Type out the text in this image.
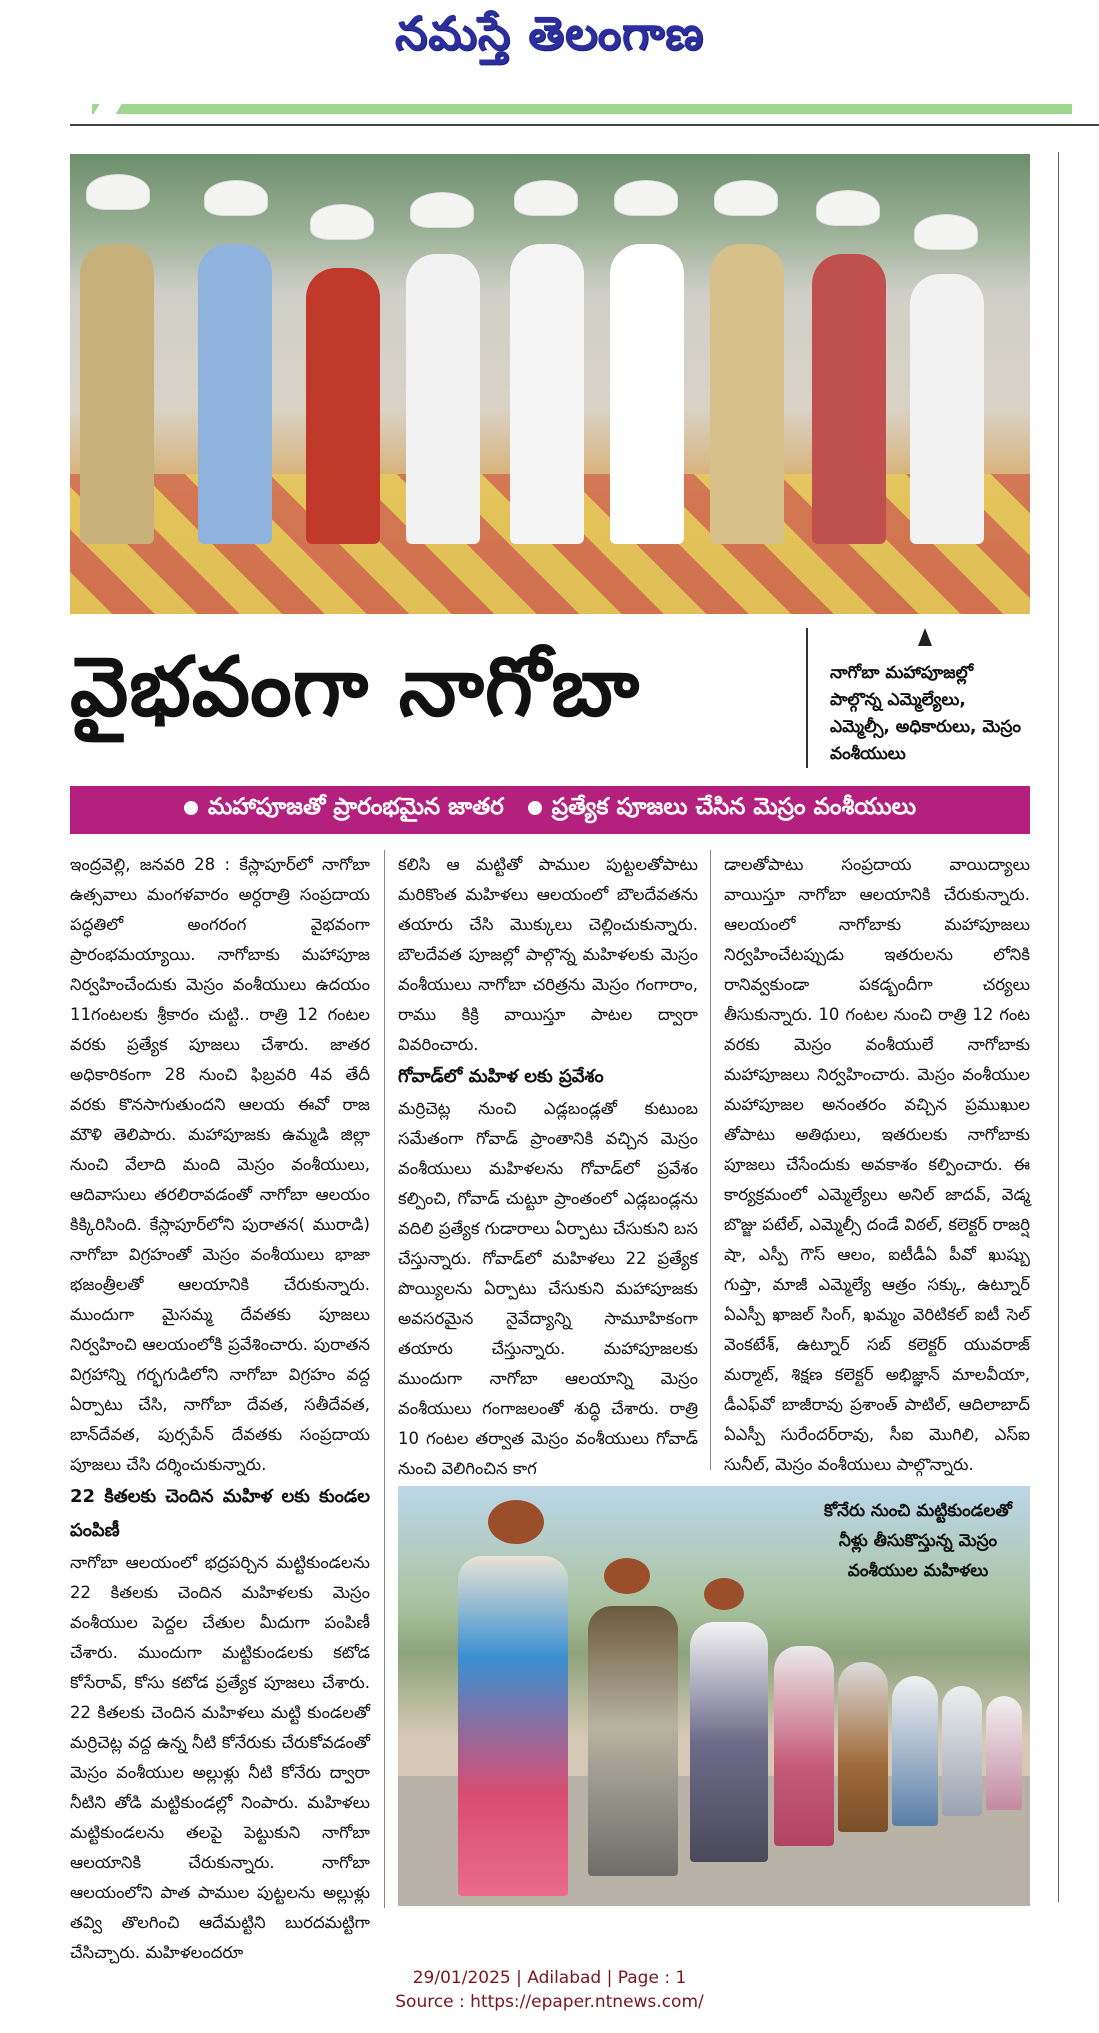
నమస్తే తెలంగాణ
వైభవంగా నాగోబా	నాగోబా మహాపూజల్లో పాల్గొన్న ఎమ్మెల్యేలు, ఎమ్మెల్సీ, అధికారులు, మెస్రం వంశీయులు
మహాపూజతో ప్రారంభమైన జాతర	ప్రత్యేక పూజలు చేసిన మెస్రం వంశీయులు

ఇంద్రవెల్లి, జనవరి 28 : కేస్లాపూర్‌లో నాగోబా ఉత్సవాలు మంగళవారం అర్ధరాత్రి సంప్రదాయ పద్ధతిలో అంగరంగ వైభవంగా ప్రారంభమయ్యాయి. నాగోబాకు మహాపూజ నిర్వహించేందుకు మెస్రం వంశీయులు ఉదయం 11గంటలకు శ్రీకారం చుట్టి.. రాత్రి 12 గంటల వరకు ప్రత్యేక పూజలు చేశారు. జాతర అధికారికంగా 28 నుంచి ఫిబ్రవరి 4వ తేదీ వరకు కొనసాగుతుందని ఆలయ ఈవో రాజ మౌళి తెలిపారు. మహాపూజకు ఉమ్మడి జిల్లా నుంచి వేలాది మంది మెస్రం వంశీయులు, ఆదివాసులు తరలిరావడంతో నాగోబా ఆలయం కిక్కిరిసింది. కేస్లాపూర్‌లోని పురాతన( మురాడి) నాగోబా విగ్రహంతో మెస్రం వంశీయులు భాజా భజంత్రీలతో ఆలయానికి చేరుకున్నారు. ముందుగా మైసమ్మ దేవతకు పూజలు నిర్వహించి ఆలయంలోకి ప్రవేశించారు. పురాతన విగ్రహాన్ని గర్భగుడిలోని నాగోబా విగ్రహం వద్ద ఏర్పాటు చేసి, నాగోబా దేవత, సతీదేవత, బాన్‌దేవత, పుర్సపేన్ దేవతకు సంప్రదాయ పూజలు చేసి దర్శించుకున్నారు.

22 కితలకు చెందిన మహిళ లకు కుండల పంపిణీ

నాగోబా ఆలయంలో భద్రపర్చిన మట్టికుండలను 22 కితలకు చెందిన మహిళలకు మెస్రం వంశీయుల పెద్దల చేతుల మీదుగా పంపిణీ చేశారు. ముందుగా మట్టికుండలకు కటోడ కోసేరావ్, కోసు కటోడ ప్రత్యేక పూజలు చేశారు. 22 కితలకు చెందిన మహిళలు మట్టి కుండలతో మర్రిచెట్ల వద్ద ఉన్న నీటి కోనేరుకు చేరుకోవడంతో మెస్రం వంశీయుల అల్లుళ్లు నీటి కోనేరు ద్వారా నీటిని తోడి మట్టికుండల్లో నింపారు. మహిళలు మట్టికుండలను తలపై పెట్టుకుని నాగోబా ఆలయానికి చేరుకున్నారు. నాగోబా ఆలయంలోని పాత పాముల పుట్టలను అల్లుళ్లు తవ్వి తొలగించి ఆదేమట్టిని బురదమట్టిగా చేసిచ్చారు. మహిళలందరూ

కలిసి ఆ మట్టితో పాముల పుట్టలతోపాటు మరికొంత మహిళలు ఆలయంలో బౌలదేవతను తయారు చేసి మొక్కులు చెల్లించుకున్నారు. బౌలదేవత పూజల్లో పాల్గొన్న మహిళలకు మెస్రం వంశీయులు నాగోబా చరిత్రను మెస్రం గంగారాం, రాము కిక్రి వాయిస్తూ పాటల ద్వారా వివరించారు.

గోవాడ్‌లో మహిళ లకు ప్రవేశం

మర్రిచెట్ల నుంచి ఎడ్లబండ్లతో కుటుంబ సమేతంగా గోవాడ్ ప్రాంతానికి వచ్చిన మెస్రం వంశీయులు మహిళలను గోవాడ్‌లో ప్రవేశం కల్పించి, గోవాడ్ చుట్టూ ప్రాంతంలో ఎడ్లబండ్లను వదిలి ప్రత్యేక గుడారాలు ఏర్పాటు చేసుకుని బస చేస్తున్నారు. గోవాడ్‌లో మహిళలు 22 ప్రత్యేక పొయ్యిలను ఏర్పాటు చేసుకుని మహాపూజకు అవసరమైన నైవేద్యాన్ని సామూహికంగా తయారు చేస్తున్నారు. మహాపూజలకు ముందుగా నాగోబా ఆలయాన్ని మెస్రం వంశీయులు గంగాజలంతో శుద్ధి చేశారు. రాత్రి 10 గంటల తర్వాత మెస్రం వంశీయులు గోవాడ్ నుంచి వెలిగించిన కాగ

డాలతోపాటు సంప్రదాయ వాయిద్యాలు వాయిస్తూ నాగోబా ఆలయానికి చేరుకున్నారు. ఆలయంలో నాగోబాకు మహాపూజలు నిర్వహించేటప్పుడు ఇతరులను లోనికి రానివ్వకుండా పకడ్బందీగా చర్యలు తీసుకున్నారు. 10 గంటల నుంచి రాత్రి 12 గంట వరకు మెస్రం వంశీయులే నాగోబాకు మహాపూజలు నిర్వహించారు. మెస్రం వంశీయుల మహాపూజల అనంతరం వచ్చిన ప్రముఖుల తోపాటు అతిథులు, ఇతరులకు నాగోబాకు పూజలు చేసేందుకు అవకాశం కల్పించారు. ఈ కార్యక్రమంలో ఎమ్మెల్యేలు అనిల్ జాదవ్, వెడ్మ బొజ్జు పటేల్, ఎమ్మెల్సీ దండే విఠల్, కలెక్టర్ రాజర్షి షా, ఎస్పీ గౌస్ ఆలం, ఐటీడీఏ పీవో ఖుష్బు గుప్తా, మాజీ ఎమ్మెల్యే ఆత్రం సక్కు, ఉట్నూర్ ఏఎస్పీ ఖాజల్ సింగ్, ఖమ్మం వెరిటికల్ ఐటీ సెల్ వెంకటేశ్, ఉట్నూర్ సబ్ కలెక్టర్ యువరాజ్ మర్మాట్, శిక్షణ కలెక్టర్ అభిజ్ఞాన్ మాలవీయా, డీఎఫ్‌వో బాజీరావు ప్రశాంత్ పాటిల్, ఆదిలాబాద్ ఏఎస్పీ సురేందర్‌రావు, సీఐ మొగిలి, ఎస్ఐ సునీల్, మెస్రం వంశీయులు పాల్గొన్నారు.

కోనేరు నుంచి మట్టికుండలతో నీళ్లు తీసుకొస్తున్న మెస్రం వంశీయుల మహిళలు
29/01/2025 | Adilabad | Page : 1
Source : https://epaper.ntnews.com/
